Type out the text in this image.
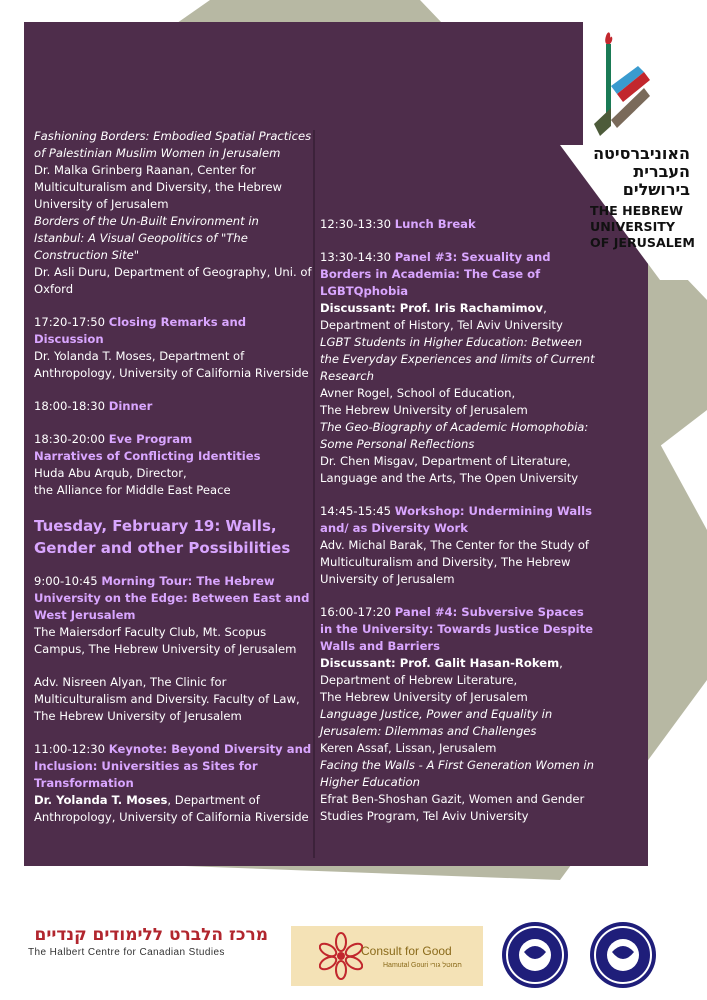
האוניברסיטה
העברית
בירושלים
THE HEBREW
UNIVERSITY
OF JERUSALEM

Fashioning Borders: Embodied Spatial Practices of Palestinian Muslim Women in Jerusalem

Dr. Malka Grinberg Raanan, Center for Multiculturalism and Diversity, the Hebrew University of Jerusalem

Borders of the Un-Built Environment in Istanbul: A Visual Geopolitics of "The Construction Site"

Dr. Asli Duru, Department of Geography, Uni. of Oxford

17:20-17:50 Closing Remarks and Discussion

Dr. Yolanda T. Moses, Department of Anthropology, University of California Riverside

18:00-18:30 Dinner

18:30-20:00 Eve Program

Narratives of Conflicting Identities

Huda Abu Arqub, Director,

the Alliance for Middle East Peace

Tuesday, February 19: Walls, Gender and other Possibilities

9:00-10:45 Morning Tour: The Hebrew University on the Edge: Between East and West Jerusalem

The Maiersdorf Faculty Club, Mt. Scopus Campus, The Hebrew University of Jerusalem

Adv. Nisreen Alyan, The Clinic for Multiculturalism and Diversity. Faculty of Law, The Hebrew University of Jerusalem

11:00-12:30 Keynote: Beyond Diversity and Inclusion: Universities as Sites for Transformation

Dr. Yolanda T. Moses, Department of Anthropology, University of California Riverside

12:30-13:30 Lunch Break

13:30-14:30 Panel #3: Sexuality and Borders in Academia: The Case of LGBTQphobia

Discussant: Prof. Iris Rachamimov, Department of History, Tel Aviv University

LGBT Students in Higher Education: Between the Everyday Experiences and limits of Current Research

Avner Rogel, School of Education,

The Hebrew University of Jerusalem

The Geo-Biography of Academic Homophobia: Some Personal Reflections

Dr. Chen Misgav, Department of Literature, Language and the Arts, The Open University

14:45-15:45 Workshop: Undermining Walls and/ as Diversity Work

Adv. Michal Barak, The Center for the Study of Multiculturalism and Diversity, The Hebrew University of Jerusalem

16:00-17:20 Panel #4: Subversive Spaces in the University: Towards Justice Despite Walls and Barriers

Discussant: Prof. Galit Hasan-Rokem, Department of Hebrew Literature,

The Hebrew University of Jerusalem

Language Justice, Power and Equality in Jerusalem: Dilemmas and Challenges

Keren Assaf, Lissan, Jerusalem

Facing the Walls - A First Generation Women in Higher Education

Efrat Ben-Shoshan Gazit, Women and Gender Studies Program, Tel Aviv University

מרכז הלברט ללימודים קנדיים
The Halbert Centre for Canadian Studies	Consult for Good
Hamutal Gouri חמוטל גורי
